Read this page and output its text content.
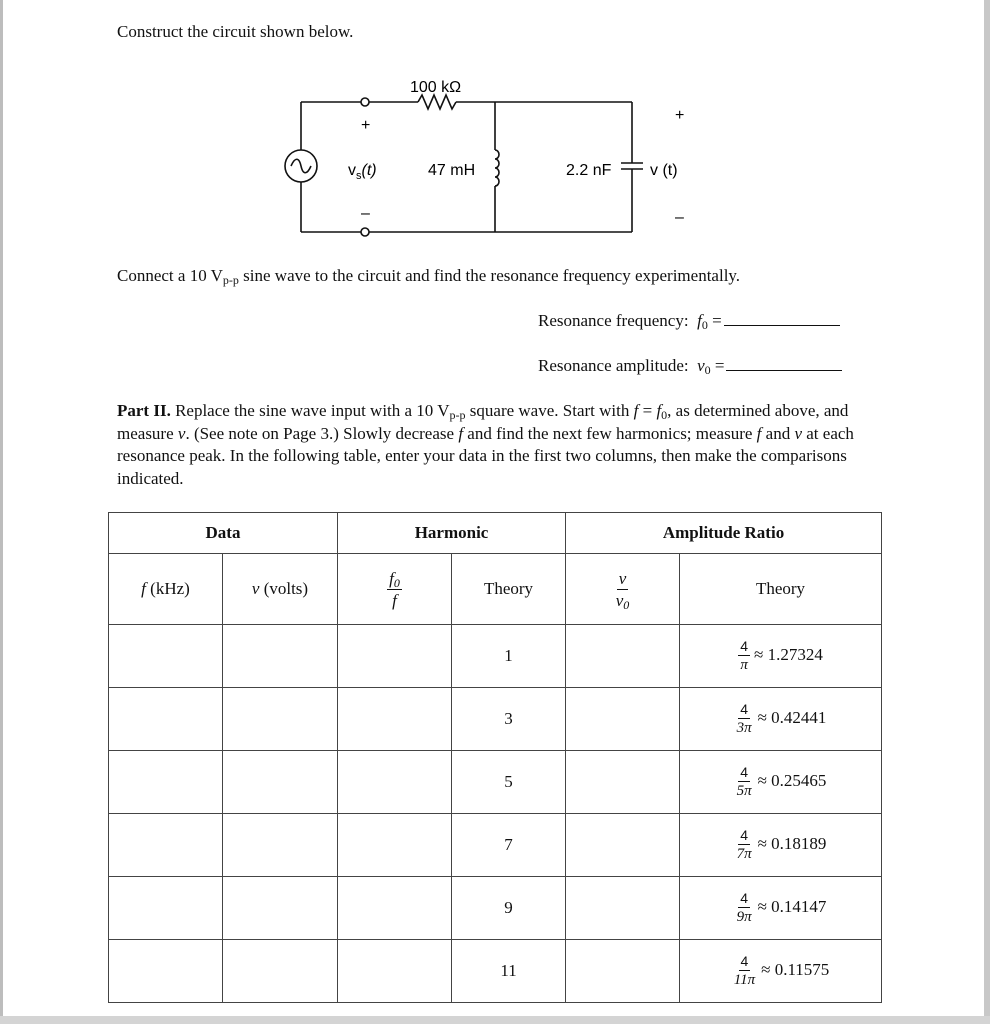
Construct the circuit shown below.
100 kΩ
47 mH	2.2 nF
$v_s(t)$	v (t)
+
–
+
–
Connect a 10 $V_{p-p}$ sine wave to the circuit and find the resonance frequency experimentally.
Resonance frequency: $f_0$ =
Resonance amplitude: $v_0$ =

Part II. Replace the sine wave input with a 10 $V_{p-p}$ square wave. Start with $f = f_0$, as determined above, and measure v. (See note on Page 3.) Slowly decrease f and find the next few harmonics; measure f and v at each resonance peak. In the following table, enter your data in the first two columns, then make the comparisons indicated.

Data		Harmonic		Amplitude Ratio	
f (kHz)	v (volts)	$\frac{f_0}{f}$	Theory	$\frac{v}{v_0}$	Theory
			1		$\frac{4}{\pi} \approx 1.27324$
			3		$\frac{4}{3\pi} \approx 0.42441$
			5		$\frac{4}{5\pi} \approx 0.25465$
			7		$\frac{4}{7\pi} \approx 0.18189$
			9		$\frac{4}{9\pi} \approx 0.14147$
			11		$\frac{4}{11\pi} \approx 0.11575$
